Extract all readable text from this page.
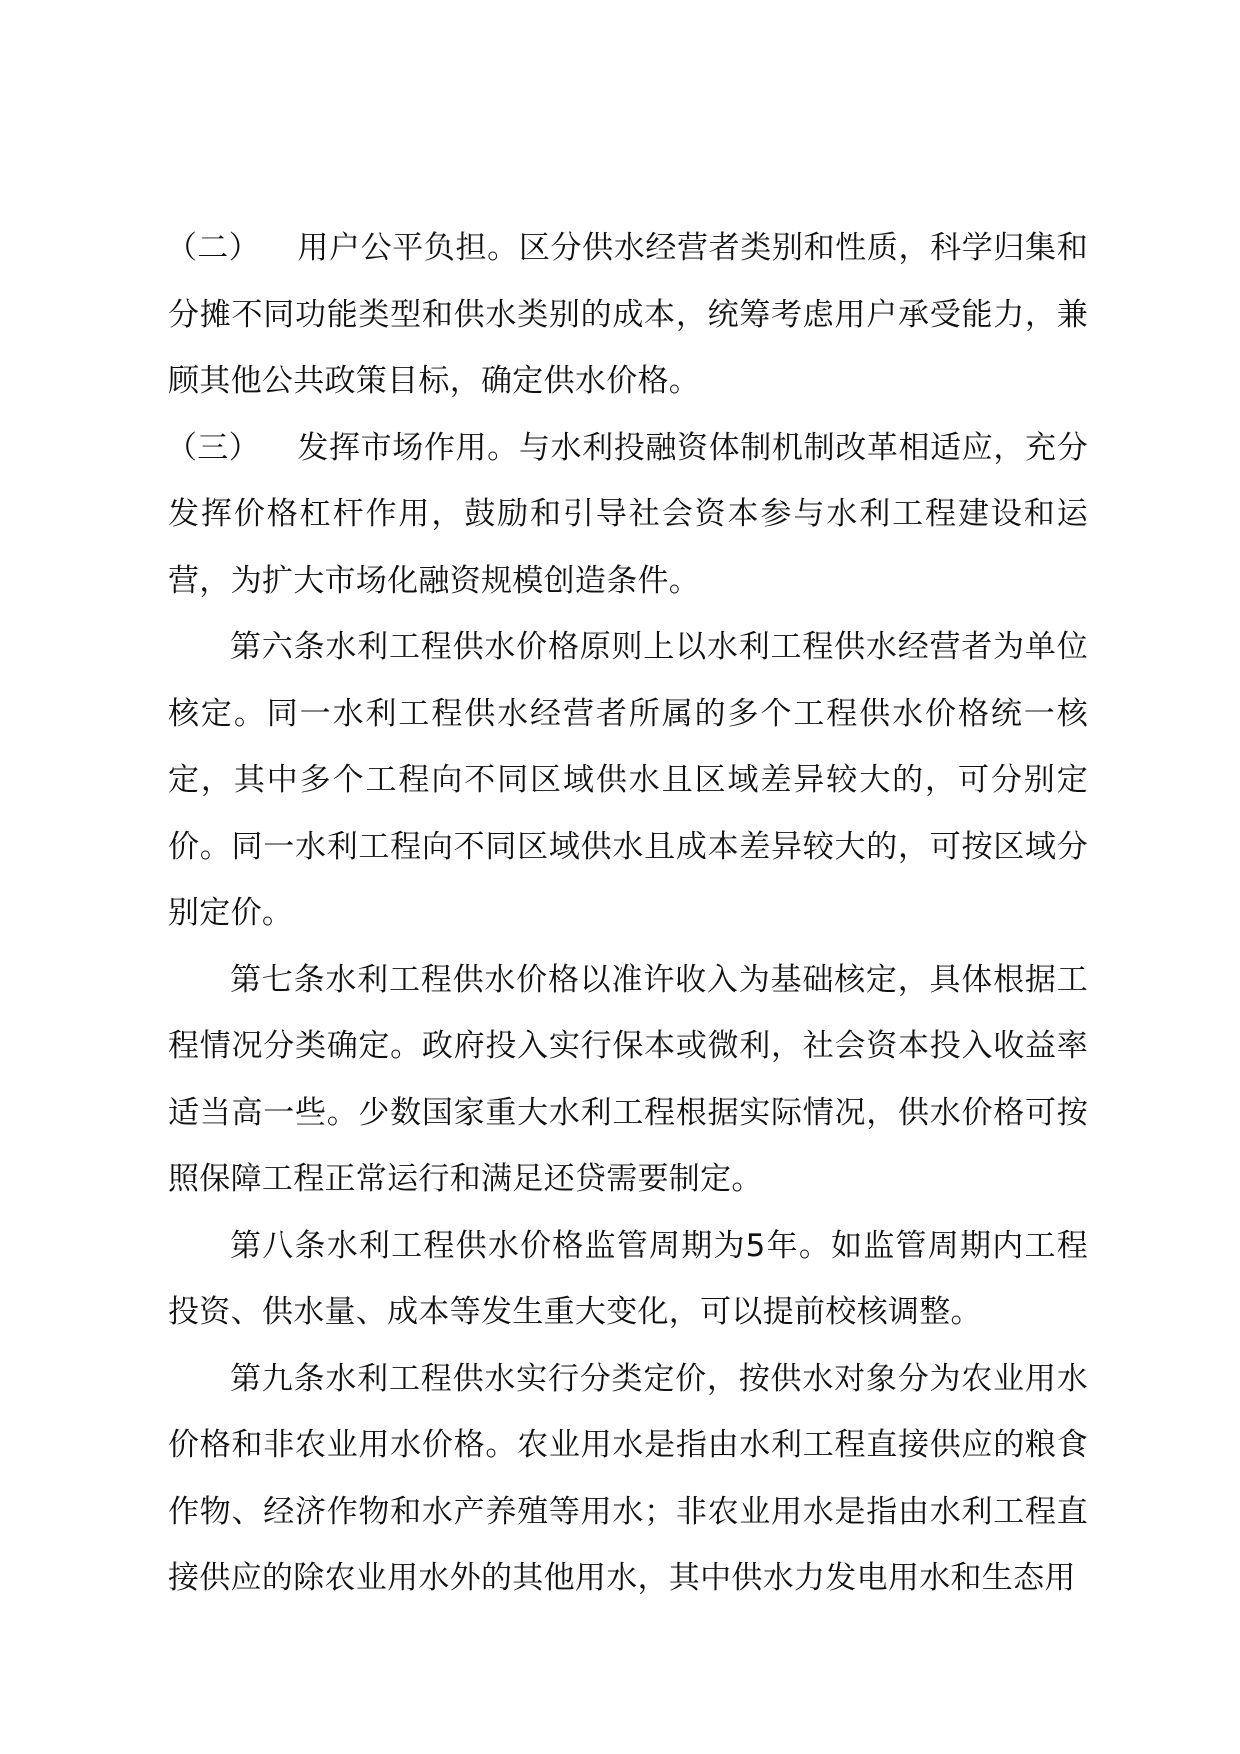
（二） 用户公平负担。区分供水经营者类别和性质，科学归集和分摊不同功能类型和供水类别的成本，统筹考虑用户承受能力，兼顾其他公共政策目标，确定供水价格。

（三） 发挥市场作用。与水利投融资体制机制改革相适应，充分发挥价格杠杆作用，鼓励和引导社会资本参与水利工程建设和运营，为扩大市场化融资规模创造条件。

第六条水利工程供水价格原则上以水利工程供水经营者为单位核定。同一水利工程供水经营者所属的多个工程供水价格统一核定，其中多个工程向不同区域供水且区域差异较大的，可分别定价。同一水利工程向不同区域供水且成本差异较大的，可按区域分别定价。

第七条水利工程供水价格以准许收入为基础核定，具体根据工程情况分类确定。政府投入实行保本或微利，社会资本投入收益率适当高一些。少数国家重大水利工程根据实际情况，供水价格可按照保障工程正常运行和满足还贷需要制定。

第八条水利工程供水价格监管周期为5年。如监管周期内工程投资、供水量、成本等发生重大变化，可以提前校核调整。

第九条水利工程供水实行分类定价，按供水对象分为农业用水价格和非农业用水价格。农业用水是指由水利工程直接供应的粮食作物、经济作物和水产养殖等用水；非农业用水是指由水利工程直接供应的除农业用水外的其他用水，其中供水力发电用水和生态用
